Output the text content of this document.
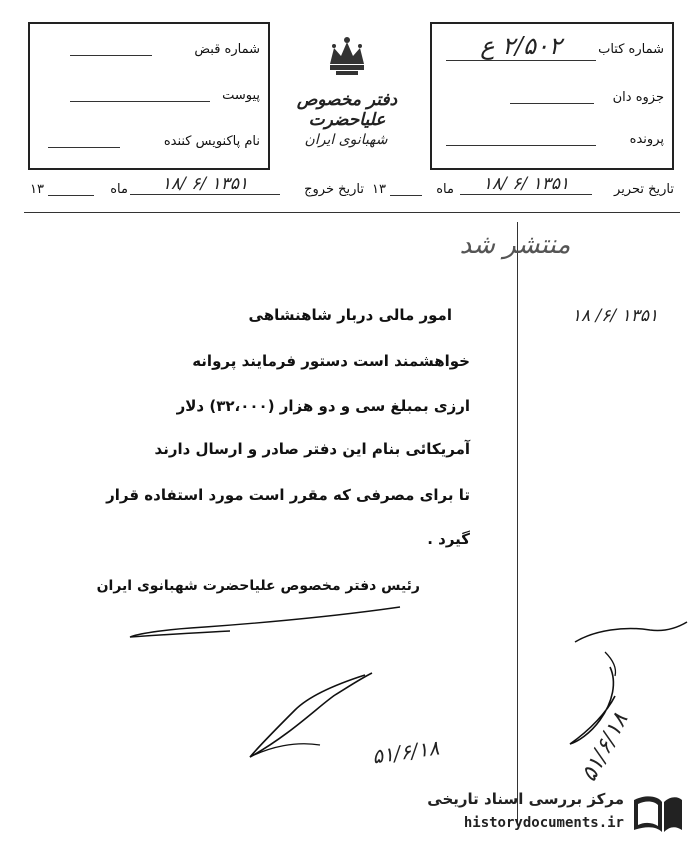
شماره قبض
پیوست
نام پاکنویس کننده
دفتر مخصوص علیاحضرت
شهبانوی ایران
شماره کتاب
۲/۵۰۲ ع
جزوه دان
پرونده
تاریخ تحریر
۱۸/ ۶/ ۱۳۵۱
ماه
۱۳
تاریخ خروج
۱۸/ ۶/ ۱۳۵۱
ماه
۱۳
منتشر شد
۱۸ /۶/ ۱۳۵۱
امور مالی دربار شاهنشاهی
خواهشمند است دستور فرمایند پروانه
ارزی بمبلغ سی و دو هزار (۳۲،۰۰۰) دلار
آمریکائی بنام این دفتر صادر و ارسال دارند
تا برای مصرفی که مقرر است مورد استفاده قرار
گیرد .
رئیس دفتر مخصوص علیاحضرت شهبانوی ایران
۵۱/۶/۱۸	۵۱/۶/۱۸
مرکز بررسی اسناد تاریخی
historydocuments.ir
